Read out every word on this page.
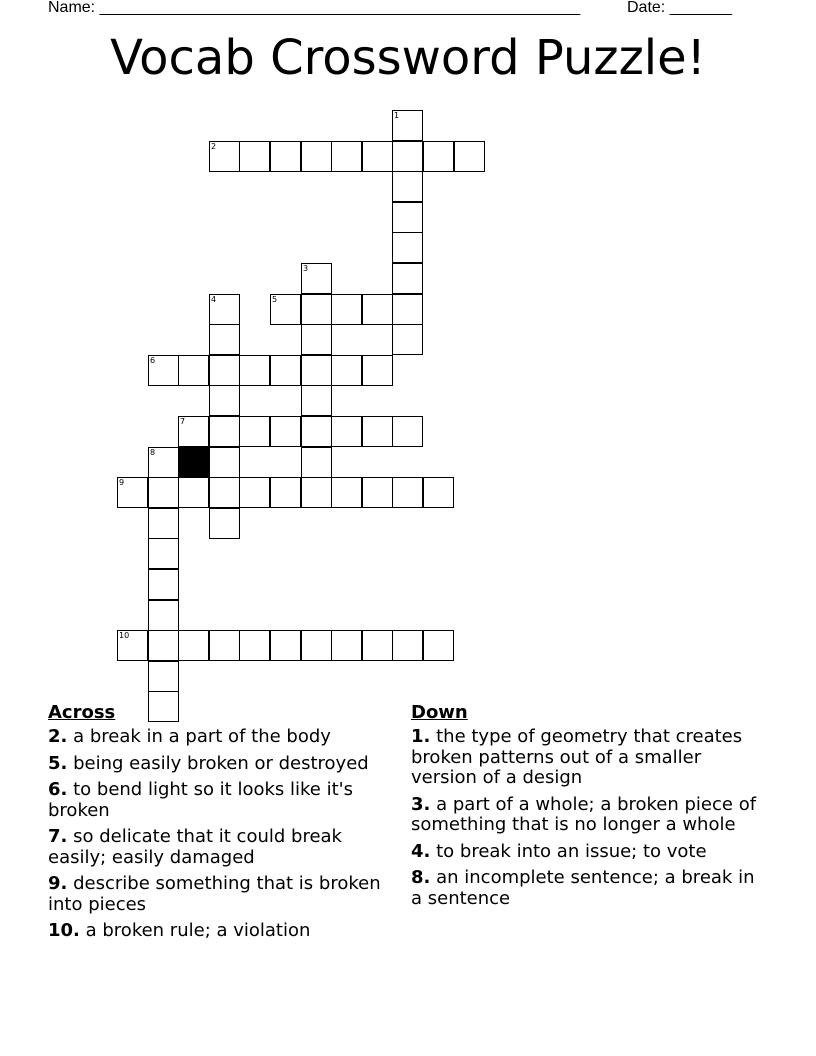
Name: ______________________________________________________	Date: _______
Vocab Crossword Puzzle!
1
2
3
4	5
6
7
8
9
10
Across
2. a break in a part of the body
5. being easily broken or destroyed
6. to bend light so it looks like it's broken
7. so delicate that it could break easily; easily damaged
9. describe something that is broken into pieces
10. a broken rule; a violation
Down
1. the type of geometry that creates broken patterns out of a smaller version of a design
3. a part of a whole; a broken piece of something that is no longer a whole
4. to break into an issue; to vote
8. an incomplete sentence; a break in a sentence
